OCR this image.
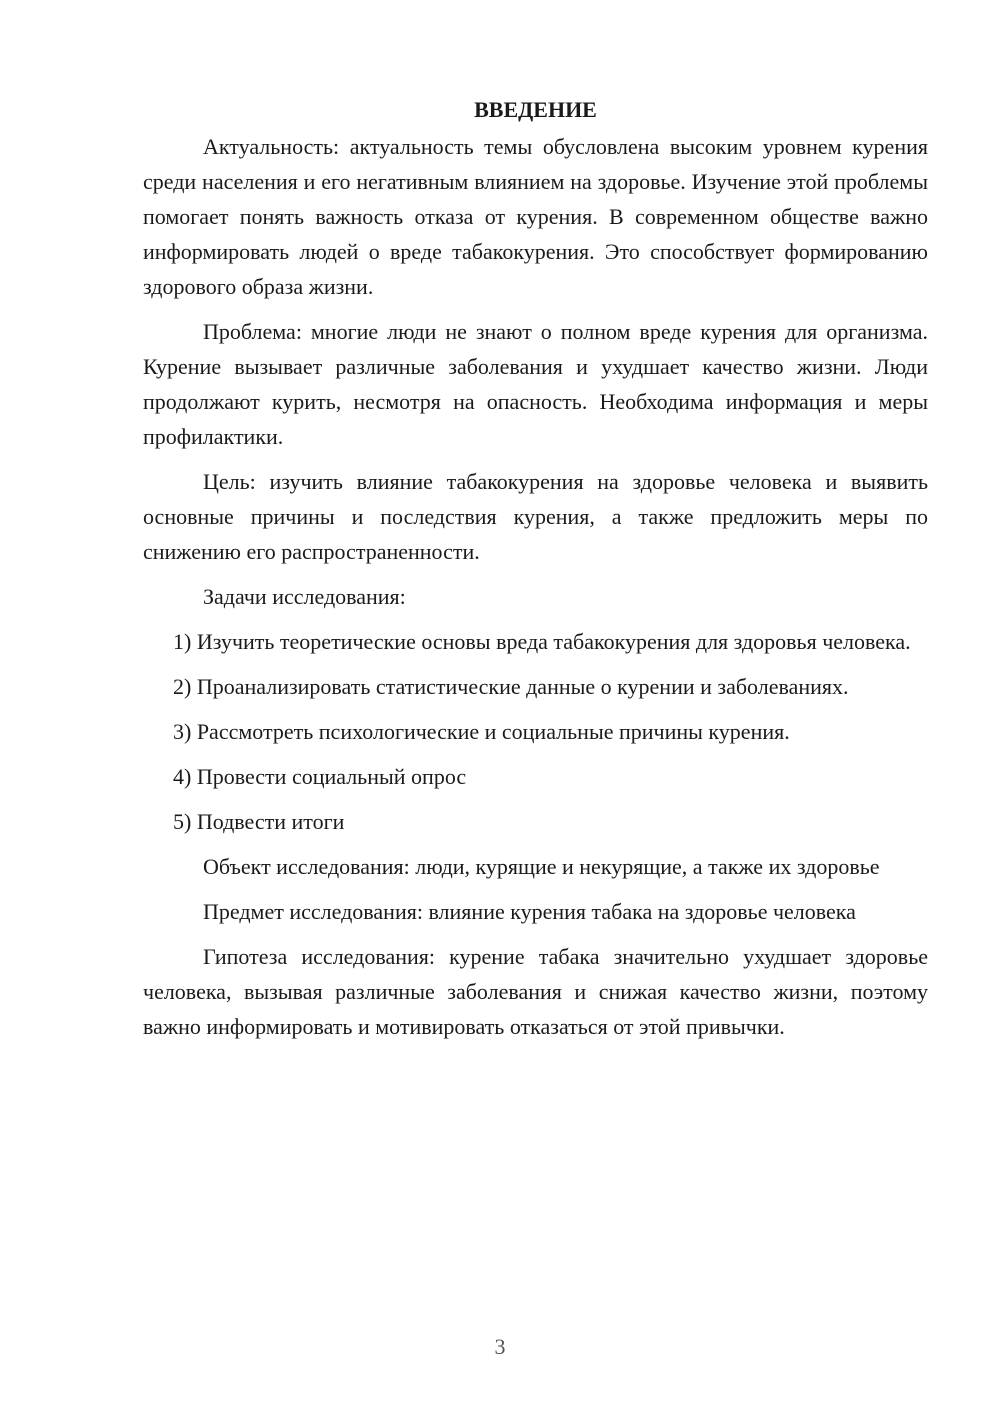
ВВЕДЕНИЕ

Актуальность: актуальность темы обусловлена высоким уровнем курения среди населения и его негативным влиянием на здоровье. Изучение этой проблемы помогает понять важность отказа от курения. В современном обществе важно информировать людей о вреде табакокурения. Это способствует формированию здорового образа жизни.

Проблема: многие люди не знают о полном вреде курения для организма. Курение вызывает различные заболевания и ухудшает качество жизни. Люди продолжают курить, несмотря на опасность. Необходима информация и меры профилактики.

Цель: изучить влияние табакокурения на здоровье человека и выявить основные причины и последствия курения, а также предложить меры по снижению его распространенности.

Задачи исследования:

1) Изучить теоретические основы вреда табакокурения для здоровья человека.

2) Проанализировать статистические данные о курении и заболеваниях.

3) Рассмотреть психологические и социальные причины курения.

4) Провести социальный опрос

5) Подвести итоги

Объект исследования: люди, курящие и некурящие, а также их здоровье

Предмет исследования: влияние курения табака на здоровье человека

Гипотеза исследования: курение табака значительно ухудшает здоровье человека, вызывая различные заболевания и снижая качество жизни, поэтому важно информировать и мотивировать отказаться от этой привычки.

3
